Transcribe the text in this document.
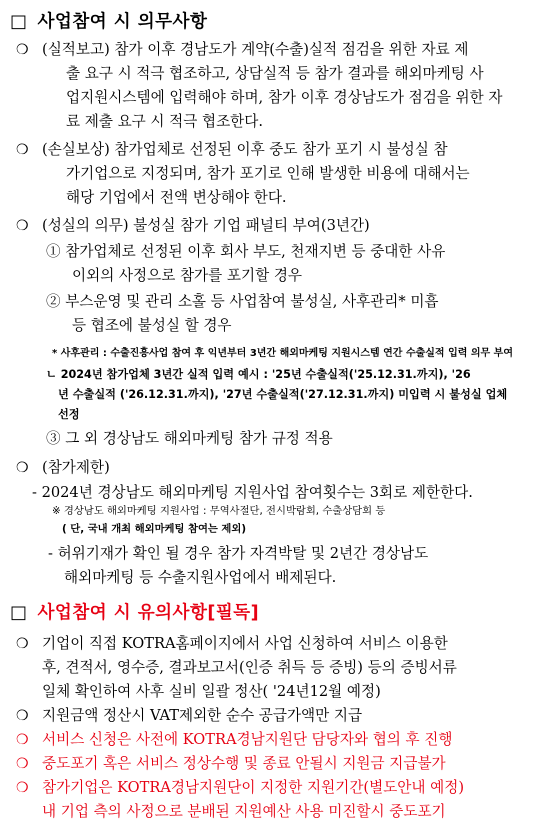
□ 사업참여 시 의무사항
❍ (실적보고) 참가 이후 경남도가 계약(수출)실적 점검을 위한 자료 제
출 요구 시 적극 협조하고, 상담실적 등 참가 결과를 해외마케팅 사
업지원시스템에 입력해야 하며, 참가 이후 경상남도가 점검을 위한 자
료 제출 요구 시 적극 협조한다.
❍ (손실보상) 참가업체로 선정된 이후 중도 참가 포기 시 불성실 참
가기업으로 지정되며, 참가 포기로 인해 발생한 비용에 대해서는
해당 기업에서 전액 변상해야 한다.
❍ (성실의 의무) 불성실 참가 기업 패널티 부여(3년간)
① 참가업체로 선정된 이후 회사 부도, 천재지변 등 중대한 사유
이외의 사정으로 참가를 포기할 경우
② 부스운영 및 관리 소홀 등 사업참여 불성실, 사후관리* 미흡
등 협조에 불성실 할 경우
* 사후관리 : 수출진흥사업 참여 후 익년부터 3년간 해외마케팅 지원시스템 연간 수출실적 입력 의무 부여
ㄴ 2024년 참가업체 3년간 실적 입력 예시 : '25년 수출실적('25.12.31.까지), '26
년 수출실적 ('26.12.31.까지), '27년 수출실적('27.12.31.까지) 미입력 시 불성실 업체
선정
③ 그 외 경상남도 해외마케팅 참가 규정 적용
❍ (참가제한)
- 2024년 경상남도 해외마케팅 지원사업 참여횟수는 3회로 제한한다.
※ 경상남도 해외마케팅 지원사업 : 무역사절단, 전시박람회, 수출상담회 등
( 단, 국내 개최 해외마케팅 참여는 제외)
- 허위기재가 확인 될 경우 참가 자격박탈 및 2년간 경상남도
해외마케팅 등 수출지원사업에서 배제된다.
□ 사업참여 시 유의사항[필독]
❍ 기업이 직접 KOTRA홈페이지에서 사업 신청하여 서비스 이용한
후, 견적서, 영수증, 결과보고서(인증 취득 등 증빙) 등의 증빙서류
일체 확인하여 사후 실비 일괄 정산( '24년12월 예정)
❍ 지원금액 정산시 VAT제외한 순수 공급가액만 지급
❍ 서비스 신청은 사전에 KOTRA경남지원단 담당자와 협의 후 진행
❍ 중도포기 혹은 서비스 정상수행 및 종료 안될시 지원금 지급불가
❍ 참가기업은 KOTRA경남지원단이 지정한 지원기간(별도안내 예정)
내 기업 측의 사정으로 분배된 지원예산 사용 미진할시 중도포기
